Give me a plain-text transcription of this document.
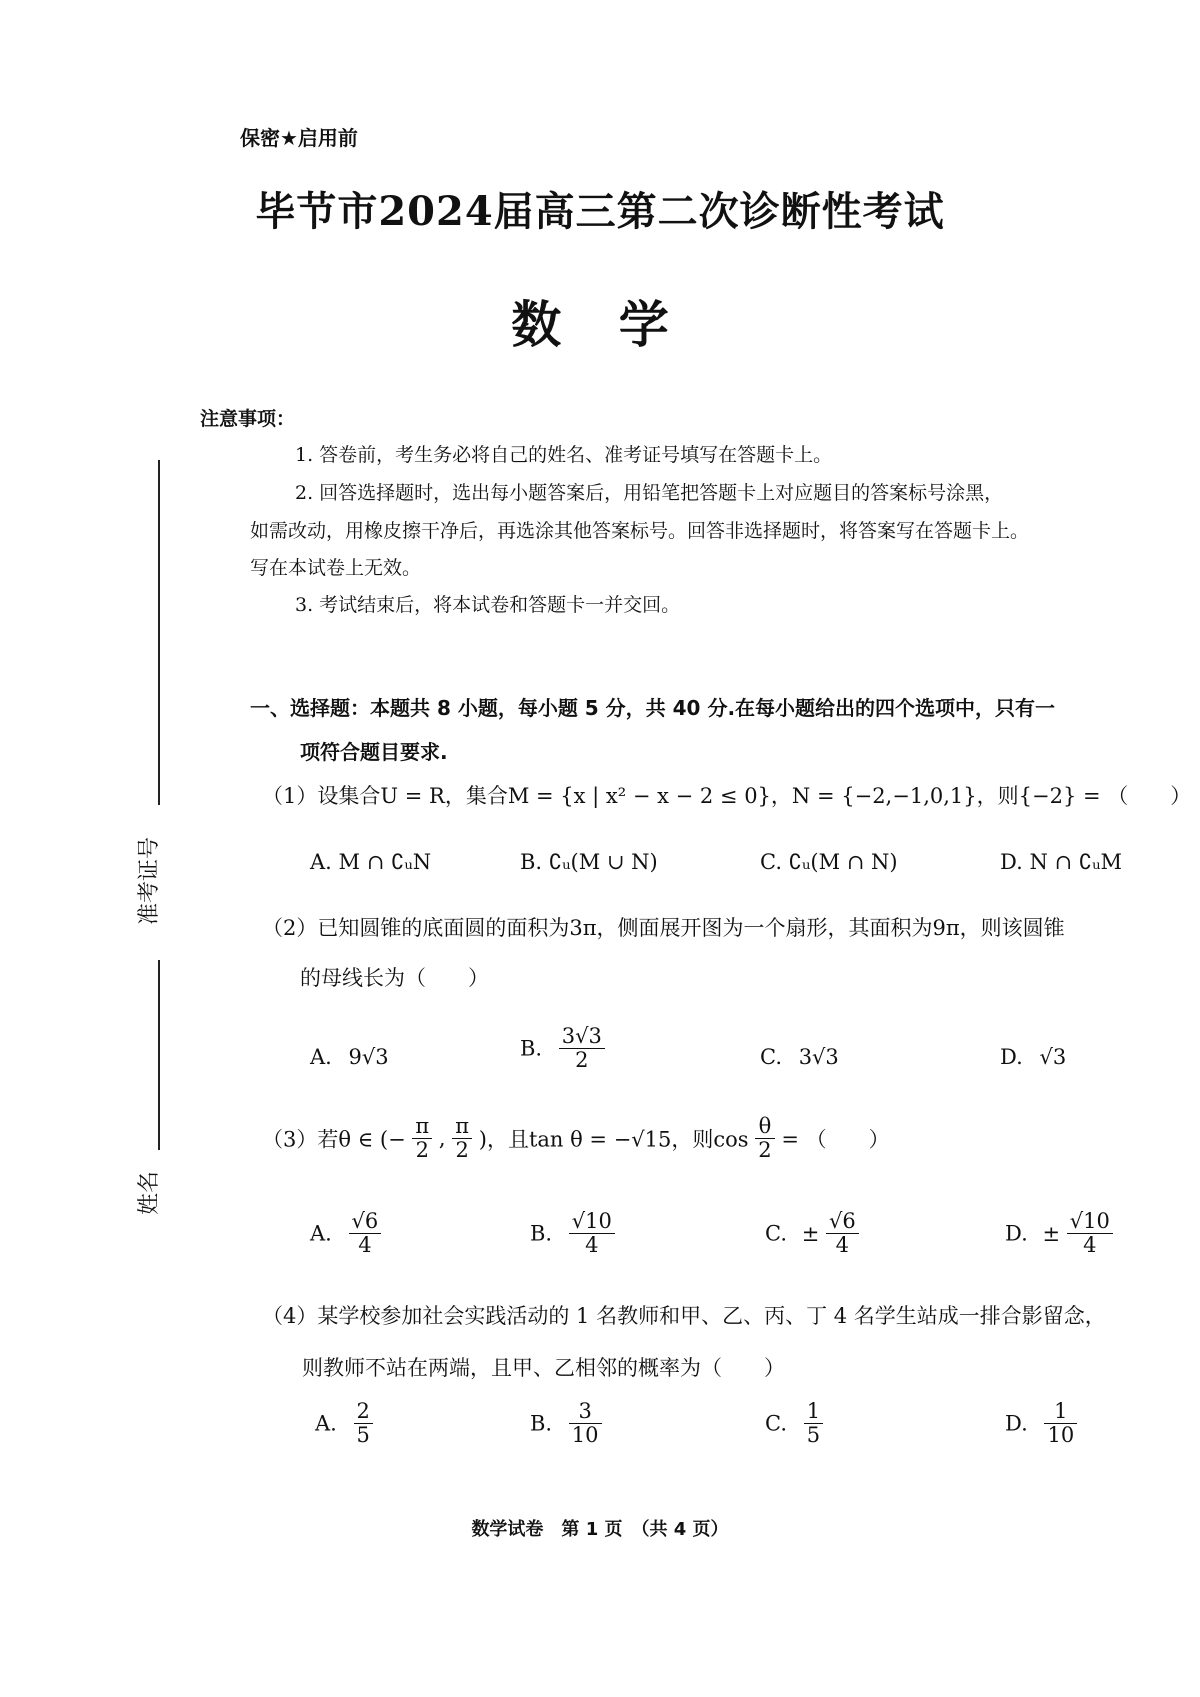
保密★启用前
毕节市2024届高三第二次诊断性考试
数 学
注意事项：
1. 答卷前，考生务必将自己的姓名、准考证号填写在答题卡上。
2. 回答选择题时，选出每小题答案后，用铅笔把答题卡上对应题目的答案标号涂黑，
如需改动，用橡皮擦干净后，再选涂其他答案标号。回答非选择题时，将答案写在答题卡上。
写在本试卷上无效。
3. 考试结束后，将本试卷和答题卡一并交回。
准考证号
姓名
一、选择题：本题共 8 小题，每小题 5 分，共 40 分.在每小题给出的四个选项中，只有一
项符合题目要求.
（1）设集合U = R，集合M = {x | x² − x − 2 ≤ 0}，N = {−2,−1,0,1}，则{−2} = （　　）
A. M ∩ ∁ᵤN	B. ∁ᵤ(M ∪ N)	C. ∁ᵤ(M ∩ N)	D. N ∩ ∁ᵤM
（2）已知圆锥的底面圆的面积为3π，侧面展开图为一个扇形，其面积为9π，则该圆锥
的母线长为（　　）
A. 9√3	B. $\frac{3√3}{2}$	C. 3√3	D. √3
（3）若θ ∈ (− $\frac{\pi}{2}$ , $\frac{\pi}{2}$ )，且tan θ = −√15，则$\cos \frac{\theta}{2}$ = （　　）
A. $\frac{√6}{4}$	B. $\frac{√10}{4}$	C. ± $\frac{√6}{4}$	D. ± $\frac{√10}{4}$
（4）某学校参加社会实践活动的 1 名教师和甲、乙、丙、丁 4 名学生站成一排合影留念，
则教师不站在两端，且甲、乙相邻的概率为（　　）
A. $\frac{2}{5}$	B. $\frac{3}{10}$	C. $\frac{1}{5}$	D. $\frac{1}{10}$
数学试卷　第 1 页　（共 4 页）
